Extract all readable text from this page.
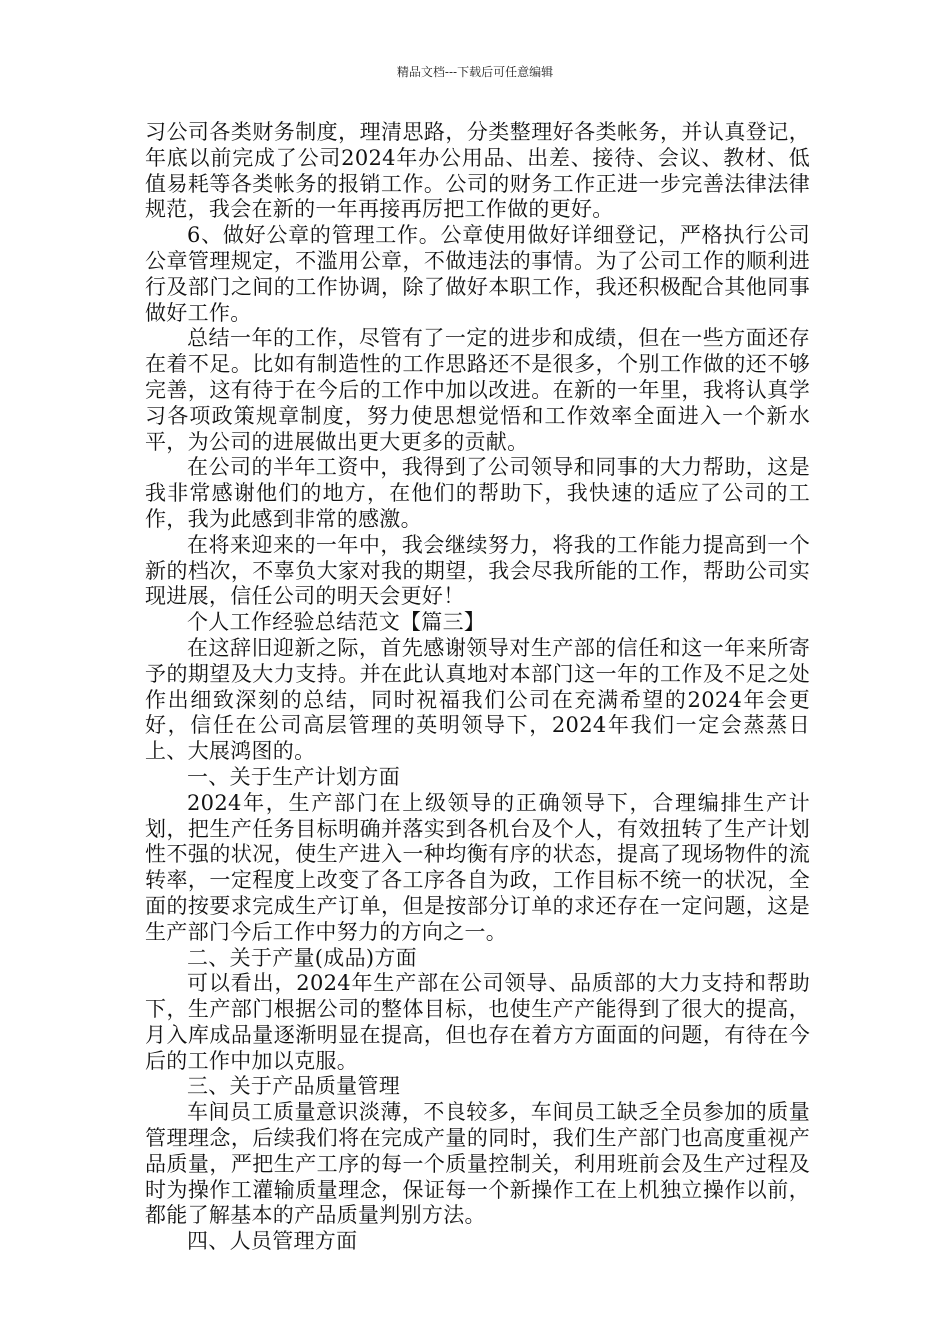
精品文档---下载后可任意编辑

习公司各类财务制度，理清思路，分类整理好各类帐务，并认真登记，年底以前完成了公司2024年办公用品、出差、接待、会议、教材、低值易耗等各类帐务的报销工作。公司的财务工作正进一步完善法律法律规范，我会在新的一年再接再厉把工作做的更好。

6、做好公章的管理工作。公章使用做好详细登记，严格执行公司公章管理规定，不滥用公章，不做违法的事情。为了公司工作的顺利进行及部门之间的工作协调，除了做好本职工作，我还积极配合其他同事做好工作。

总结一年的工作，尽管有了一定的进步和成绩，但在一些方面还存在着不足。比如有制造性的工作思路还不是很多，个别工作做的还不够完善，这有待于在今后的工作中加以改进。在新的一年里，我将认真学习各项政策规章制度，努力使思想觉悟和工作效率全面进入一个新水平，为公司的进展做出更大更多的贡献。

在公司的半年工资中，我得到了公司领导和同事的大力帮助，这是我非常感谢他们的地方，在他们的帮助下，我快速的适应了公司的工作，我为此感到非常的感激。

在将来迎来的一年中，我会继续努力，将我的工作能力提高到一个新的档次，不辜负大家对我的期望，我会尽我所能的工作，帮助公司实现进展，信任公司的明天会更好！

个人工作经验总结范文【篇三】

在这辞旧迎新之际，首先感谢领导对生产部的信任和这一年来所寄予的期望及大力支持。并在此认真地对本部门这一年的工作及不足之处作出细致深刻的总结，同时祝福我们公司在充满希望的2024年会更好，信任在公司高层管理的英明领导下，2024年我们一定会蒸蒸日上、大展鸿图的。

一、关于生产计划方面

2024年，生产部门在上级领导的正确领导下，合理编排生产计划，把生产任务目标明确并落实到各机台及个人，有效扭转了生产计划性不强的状况，使生产进入一种均衡有序的状态，提高了现场物件的流转率，一定程度上改变了各工序各自为政，工作目标不统一的状况，全面的按要求完成生产订单，但是按部分订单的求还存在一定问题，这是生产部门今后工作中努力的方向之一。

二、关于产量(成品)方面

可以看出，2024年生产部在公司领导、品质部的大力支持和帮助下，生产部门根据公司的整体目标，也使生产产能得到了很大的提高，月入库成品量逐渐明显在提高，但也存在着方方面面的问题，有待在今后的工作中加以克服。

三、关于产品质量管理

车间员工质量意识淡薄，不良较多，车间员工缺乏全员参加的质量管理理念，后续我们将在完成产量的同时，我们生产部门也高度重视产品质量，严把生产工序的每一个质量控制关，利用班前会及生产过程及时为操作工灌输质量理念，保证每一个新操作工在上机独立操作以前，都能了解基本的产品质量判别方法。

四、人员管理方面
